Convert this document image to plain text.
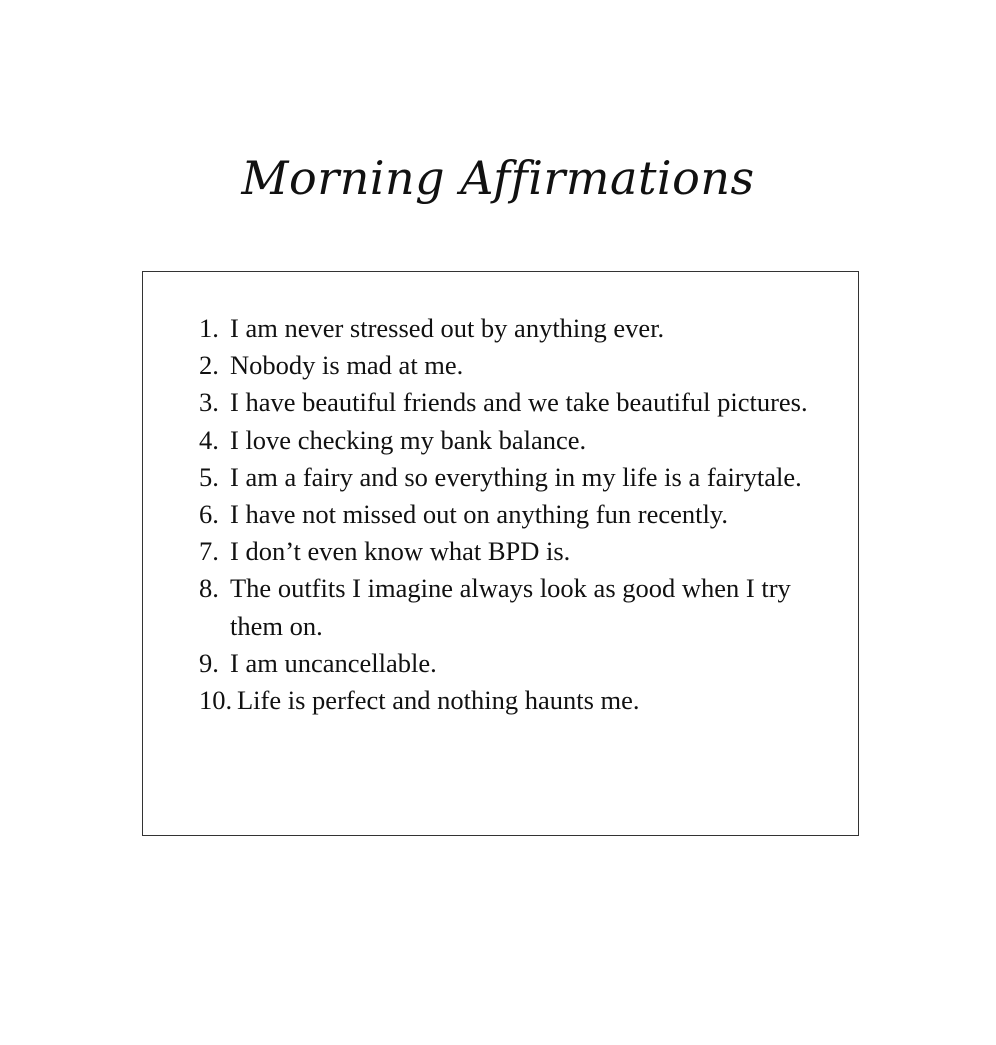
Morning Affirmations
1. I am never stressed out by anything ever.
2. Nobody is mad at me.
3. I have beautiful friends and we take beautiful pictures.
4. I love checking my bank balance.
5. I am a fairy and so everything in my life is a fairytale.
6. I have not missed out on anything fun recently.
7. I don’t even know what BPD is.
8. The outfits I imagine always look as good when I try them on.
9. I am uncancellable.
10. Life is perfect and nothing haunts me.
